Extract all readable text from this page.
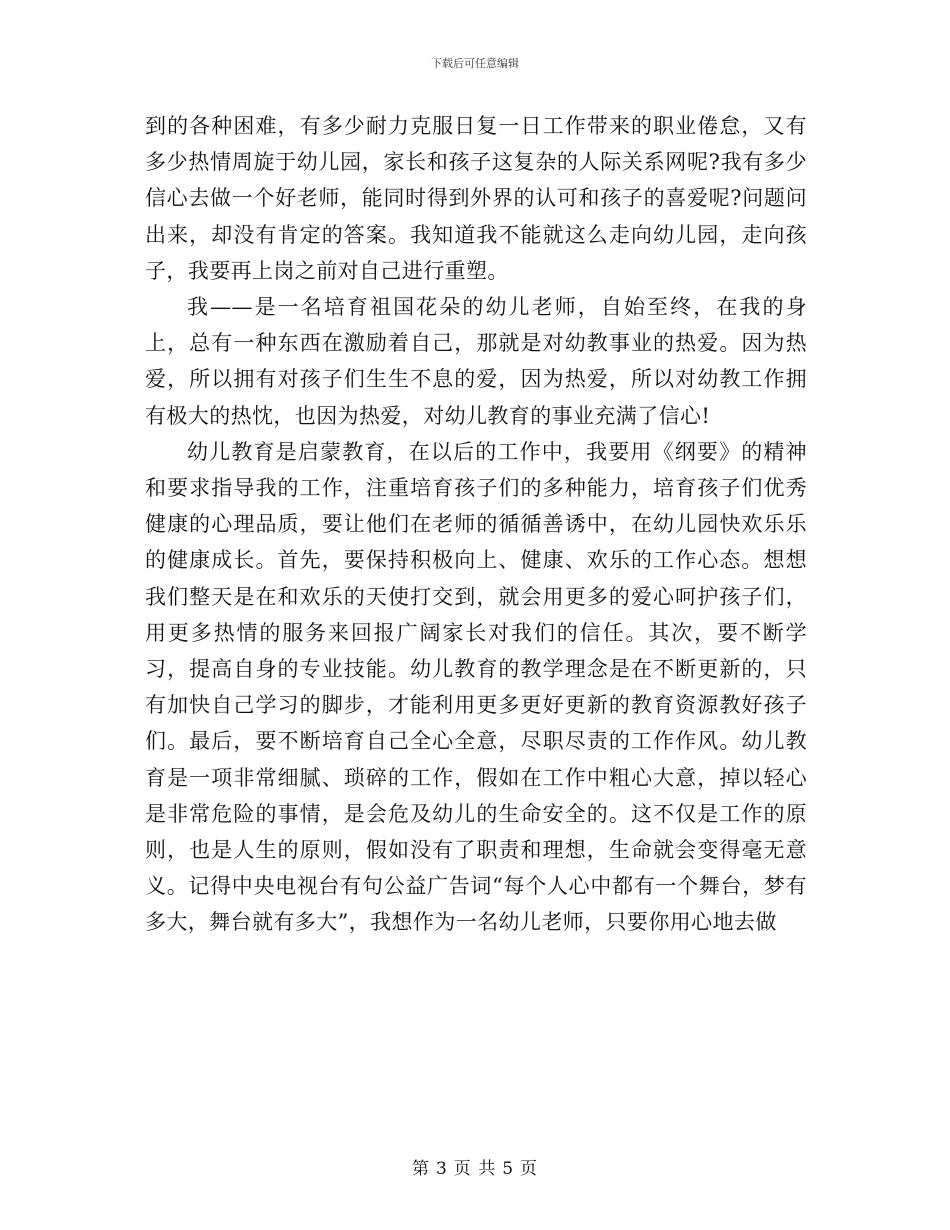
下载后可任意编辑

到的各种困难，有多少耐力克服日复一日工作带来的职业倦怠，又有多少热情周旋于幼儿园，家长和孩子这复杂的人际关系网呢?我有多少信心去做一个好老师，能同时得到外界的认可和孩子的喜爱呢?问题问出来，却没有肯定的答案。我知道我不能就这么走向幼儿园，走向孩子，我要再上岗之前对自己进行重塑。

我——是一名培育祖国花朵的幼儿老师，自始至终，在我的身上，总有一种东西在激励着自己，那就是对幼教事业的热爱。因为热爱，所以拥有对孩子们生生不息的爱，因为热爱，所以对幼教工作拥有极大的热忱，也因为热爱，对幼儿教育的事业充满了信心!

幼儿教育是启蒙教育，在以后的工作中，我要用《纲要》的精神和要求指导我的工作，注重培育孩子们的多种能力，培育孩子们优秀健康的心理品质，要让他们在老师的循循善诱中，在幼儿园快欢乐乐的健康成长。首先，要保持积极向上、健康、欢乐的工作心态。想想我们整天是在和欢乐的天使打交到，就会用更多的爱心呵护孩子们，用更多热情的服务来回报广阔家长对我们的信任。其次，要不断学习，提高自身的专业技能。幼儿教育的教学理念是在不断更新的，只有加快自己学习的脚步，才能利用更多更好更新的教育资源教好孩子们。最后，要不断培育自己全心全意，尽职尽责的工作作风。幼儿教育是一项非常细腻、琐碎的工作，假如在工作中粗心大意，掉以轻心是非常危险的事情，是会危及幼儿的生命安全的。这不仅是工作的原则，也是人生的原则，假如没有了职责和理想，生命就会变得毫无意义。记得中央电视台有句公益广告词“每个人心中都有一个舞台，梦有多大，舞台就有多大”，我想作为一名幼儿老师，只要你用心地去做

第 3 页 共 5 页
